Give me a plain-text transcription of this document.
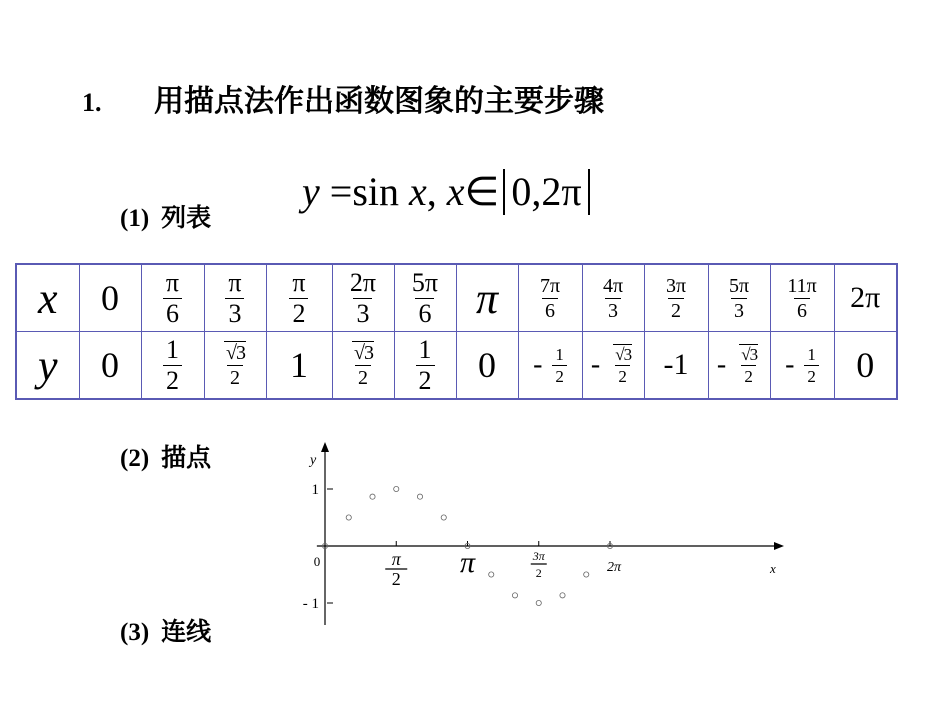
1. 用描点法作出函数图象的主要步骤
(1) 列表
y =sin x, x∈ 0,2π
x	0	$\frac{\pi}{6}$	$\frac{\pi}{3}$	$\frac{\pi}{2}$	$\frac{2\pi}{3}$	$\frac{5\pi}{6}$	π	$\frac{7\pi}{6}$	$\frac{4\pi}{3}$	$\frac{3\pi}{2}$	$\frac{5\pi}{3}$	$\frac{11\pi}{6}$	2π
y	0	$\frac{1}{2}$	√ $\frac{3}{2}$	1	√ $\frac{3}{2}$	$\frac{1}{2}$	0	- $\frac{1}{2}$	- √ $\frac{3}{2}$	-1	- √ $\frac{3}{2}$	- $\frac{1}{2}$	0
(2) 描点
(3) 连线
x
y
1
- 1
0	π
2 π	3π
2	2π
